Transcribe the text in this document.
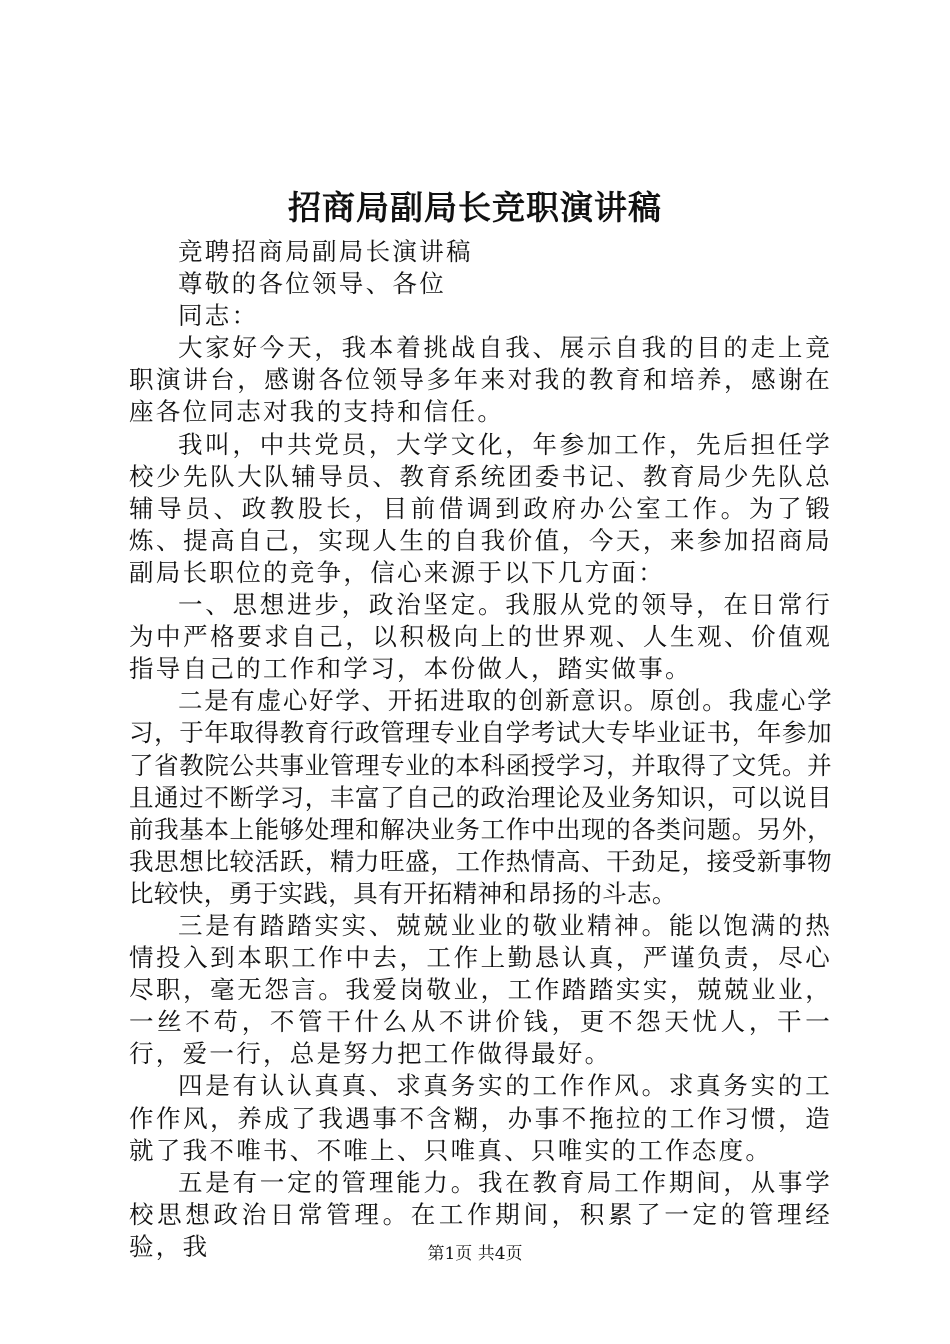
招商局副局长竞职演讲稿

竞聘招商局副局长演讲稿

尊敬的各位领导、各位

同志：

大家好今天，我本着挑战自我、展示自我的目的走上竞职演讲台，感谢各位领导多年来对我的教育和培养，感谢在座各位同志对我的支持和信任。

我叫，中共党员，大学文化，年参加工作，先后担任学校少先队大队辅导员、教育系统团委书记、教育局少先队总辅导员、政教股长，目前借调到政府办公室工作。为了锻炼、提高自己，实现人生的自我价值，今天，来参加招商局副局长职位的竞争，信心来源于以下几方面：

一、思想进步，政治坚定。我服从党的领导，在日常行为中严格要求自己，以积极向上的世界观、人生观、价值观指导自己的工作和学习，本份做人，踏实做事。

二是有虚心好学、开拓进取的创新意识。原创。我虚心学习，于年取得教育行政管理专业自学考试大专毕业证书，年参加了省教院公共事业管理专业的本科函授学习，并取得了文凭。并且通过不断学习，丰富了自己的政治理论及业务知识，可以说目前我基本上能够处理和解决业务工作中出现的各类问题。另外，我思想比较活跃，精力旺盛，工作热情高、干劲足，接受新事物比较快，勇于实践，具有开拓精神和昂扬的斗志。

三是有踏踏实实、兢兢业业的敬业精神。能以饱满的热情投入到本职工作中去，工作上勤恳认真，严谨负责，尽心尽职，毫无怨言。我爱岗敬业，工作踏踏实实，兢兢业业，一丝不苟，不管干什么从不讲价钱，更不怨天忧人，干一行，爱一行，总是努力把工作做得最好。

四是有认认真真、求真务实的工作作风。求真务实的工作作风，养成了我遇事不含糊，办事不拖拉的工作习惯，造就了我不唯书、不唯上、只唯真、只唯实的工作态度。

五是有一定的管理能力。我在教育局工作期间，从事学校思想政治日常管理。在工作期间，积累了一定的管理经验，我	第1页 共4页
